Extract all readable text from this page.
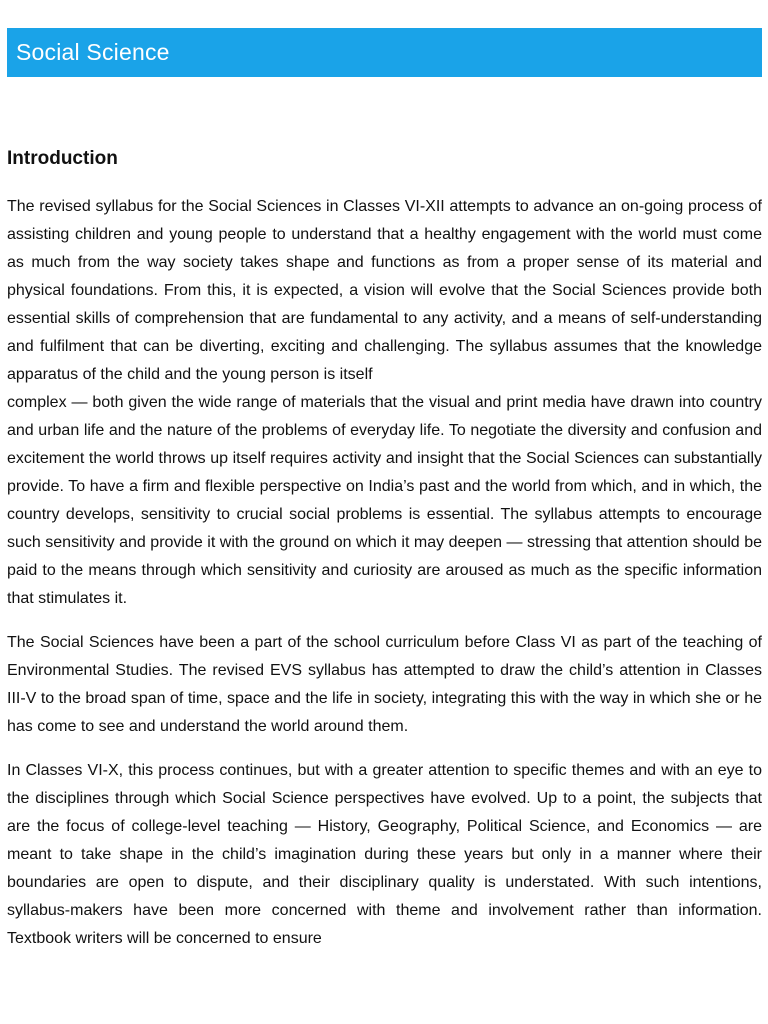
Social Science
Introduction

The revised syllabus for the Social Sciences in Classes VI-XII attempts to advance an on-going process of assisting children and young people to understand that a healthy engagement with the world must come as much from the way society takes shape and functions as from a proper sense of its material and physical foundations. From this, it is expected, a vision will evolve that the Social Sciences provide both essential skills of comprehension that are fundamental to any activity, and a means of self-understanding and fulfilment that can be diverting, exciting and challenging. The syllabus assumes that the knowledge apparatus of the child and the young person is itself

complex — both given the wide range of materials that the visual and print media have drawn into country and urban life and the nature of the problems of everyday life. To negotiate the diversity and confusion and excitement the world throws up itself requires activity and insight that the Social Sciences can substantially provide. To have a firm and flexible perspective on India’s past and the world from which, and in which, the country develops, sensitivity to crucial social problems is essential. The syllabus attempts to encourage such sensitivity and provide it with the ground on which it may deepen — stressing that attention should be paid to the means through which sensitivity and curiosity are aroused as much as the specific information that stimulates it.

The Social Sciences have been a part of the school curriculum before Class VI as part of the teaching of Environmental Studies. The revised EVS syllabus has attempted to draw the child’s attention in Classes III-V to the broad span of time, space and the life in society, integrating this with the way in which she or he has come to see and understand the world around them.

In Classes VI-X, this process continues, but with a greater attention to specific themes and with an eye to the disciplines through which Social Science perspectives have evolved. Up to a point, the subjects that are the focus of college-level teaching — History, Geography, Political Science, and Economics — are meant to take shape in the child’s imagination during these years but only in a manner where their boundaries are open to dispute, and their disciplinary quality is understated. With such intentions, syllabus-makers have been more concerned with theme and involvement rather than information. Textbook writers will be concerned to ensure
